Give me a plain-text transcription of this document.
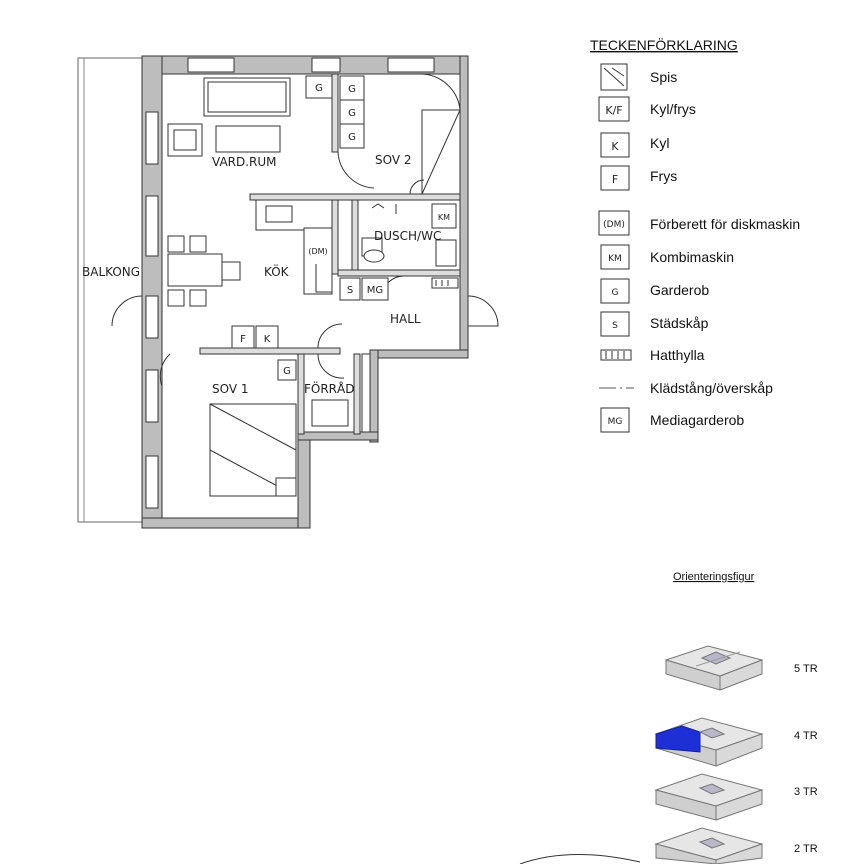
G	G
G
G
(DM)
F K
KM
S MG
G
VARD.RUM	SOV 2
DUSCH/WC
BALKONG	KÖK
HALL
SOV 1	FÖRRÅD
TECKENFÖRKLARING
Spis
K/F Kyl/frys
K Kyl
F Frys
(DM) Förberett för diskmaskin
KM Kombimaskin
G Garderob
S Städskåp
Hatthylla
Klädstång/överskåp
MG Mediagarderob
Orienteringsfigur
5 TR
4 TR
3 TR
2 TR
